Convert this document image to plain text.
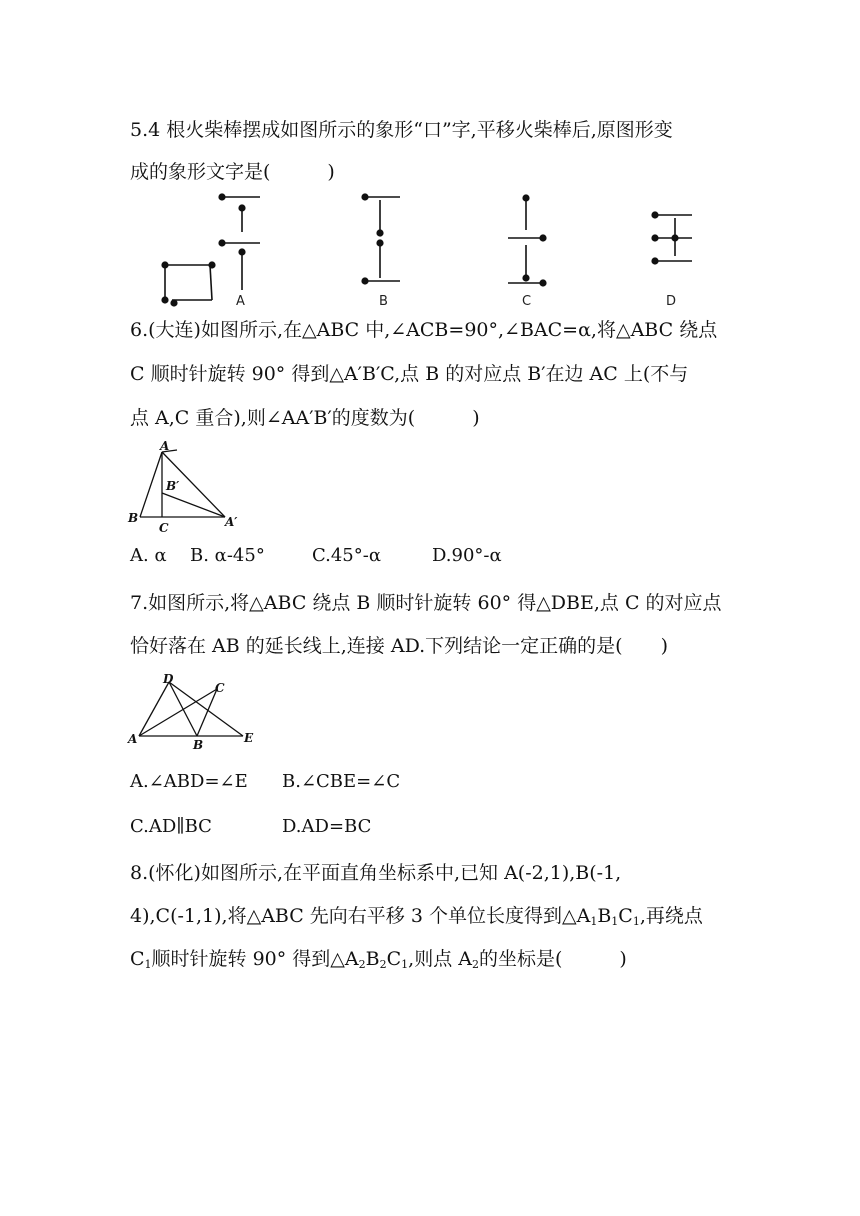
5.4 根火柴棒摆成如图所示的象形“口”字,平移火柴棒后,原图形变
成的象形文字是(　　　)
A	B	C	D
6.(大连)如图所示,在△ABC 中,∠ACB=90°,∠BAC=α,将△ABC 绕点
C 顺时针旋转 90° 得到△A′B′C,点 B 的对应点 B′在边 AC 上(不与
点 A,C 重合),则∠AA′B′的度数为(　　　)
A
B
C
B′
A′
A. α B. α-45°	C.45°-α	D.90°-α
7.如图所示,将△ABC 绕点 B 顺时针旋转 60° 得△DBE,点 C 的对应点
恰好落在 AB 的延长线上,连接 AD.下列结论一定正确的是(　　)
D
C
A	B	E
A.∠ABD=∠E B.∠CBE=∠C
C.AD∥BC	D.AD=BC
8.(怀化)如图所示,在平面直角坐标系中,已知 A(-2,1),B(-1,
4),C(-1,1),将△ABC 先向右平移 3 个单位长度得到$\triangle A_1B_1C_1$,再绕点
$C_1$顺时针旋转 90° 得到$\triangle A_2B_2C_1$,则点 $A_2$的坐标是(　　　)
